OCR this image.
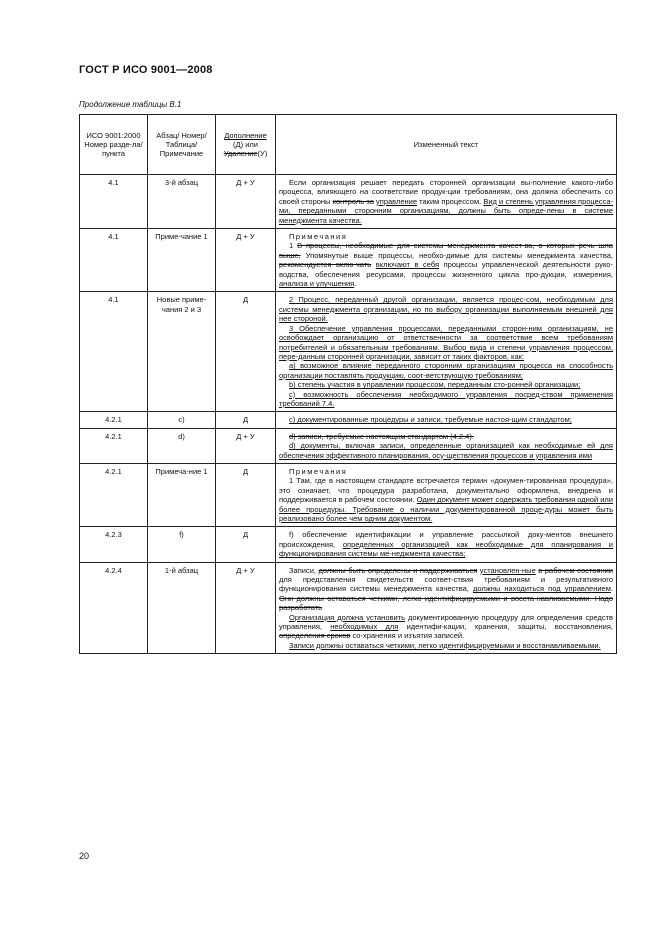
ГОСТ Р ИСО 9001—2008
Продолжение таблицы В.1
ИСО 9001:2000 Номер разде-ла/пункта	Абзац/ Номер/ Таблица/ Примечание	Дополнение
(Д) или
Удаление(У)	Измененный текст
4.1	3-й абзац	Д + У	Если организация решает передать сторонней организации вы-полнение какого-либо процесса, влияющего на соответствие продук-ции требованиям, она должна обеспечить со своей стороны контроль за управление таким процессом. Вид и степень управления процесса-ми, переданными сторонним организациям, должны быть опреде-лены в системе менеджмента качества.

4.1	Приме-чание 1	Д + У	Примечания

1 В процессы, необходимые для системы менеджмента качест-ва, о которых речь шла выше, Упомянутые выше процессы, необхо-димые для системы менеджмента качества, рекомендуется вклю-чать включают в себя процессы управленческой деятельности руко-водства, обеспечения ресурсами, процессы жизненного цикла про-дукции, измерения, анализа и улучшения.

4.1	Новые приме-чания 2 и 3	Д	2 Процесс, переданный другой организации, является процес-сом, необходимым для системы менеджмента организации, но по выбору организации выполняемым внешней для нее стороной.

3 Обеспечение управления процессами, переданными сторон-ним организациям, не освобождает организацию от ответственности за соответствие всем требованиям потребителей и обязательным требованиям. Выбор вида и степени управления процессом, пере-данным сторонней организации, зависит от таких факторов, как:

а) возможное влияние переданного сторонним организациям процесса на способность организации поставлять продукцию, соот-ветствующую требованиям;

b) степень участия в управлении процессом, переданным сто-ронней организации;

с) возможность обеспечения необходимого управления посред-ством применения требований 7.4.

4.2.1	c)	Д	c) документированные процедуры и записи, требуемые настоя-щим стандартом;

4.2.1	d)	Д + У	d) записи, требуемые настоящим стандартом (4.2.4).

d) документы, включая записи, определенные организацией как необходимые ей для обеспечения эффективного планирования, осу-ществления процессов и управления ими

4.2.1	Примеча-ние 1	Д	Примечания

1 Там, где в настоящем стандарте встречается термин «докумен-тированная процедура», это означает, что процедура разработана, документально оформлена, внедрена и поддерживается в рабочем состоянии. Один документ может содержать требования одной или более процедуры. Требование о наличии документированной проце-дуры может быть реализовано более чем одним документом.

4.2.3	f)	Д	f) обеспечение идентификации и управление рассылкой доку-ментов внешнего происхождения, определенных организацией как необходимые для планирования и функционирования системы ме-неджмента качества;

4.2.4	1-й абзац	Д + У	Записи, должны быть определены и поддерживаться установлен-ные в рабочем состоянии для представления свидетельств соответ-ствия требованиям и результативного функционирования системы менеджмента качества, должны находиться под управлением. Они должны оставаться четкими, легко идентифицируемыми и восста-навливаемыми. Надо разработать

Организация должна установить документированную процедуру для определения средств управления, необходимых для идентифи-кации, хранения, защиты, восстановления, определения сроков со-хранения и изъятия записей.

Записи должны оставаться четкими, легко идентифицируемыми и восстанавливаемыми.

20
